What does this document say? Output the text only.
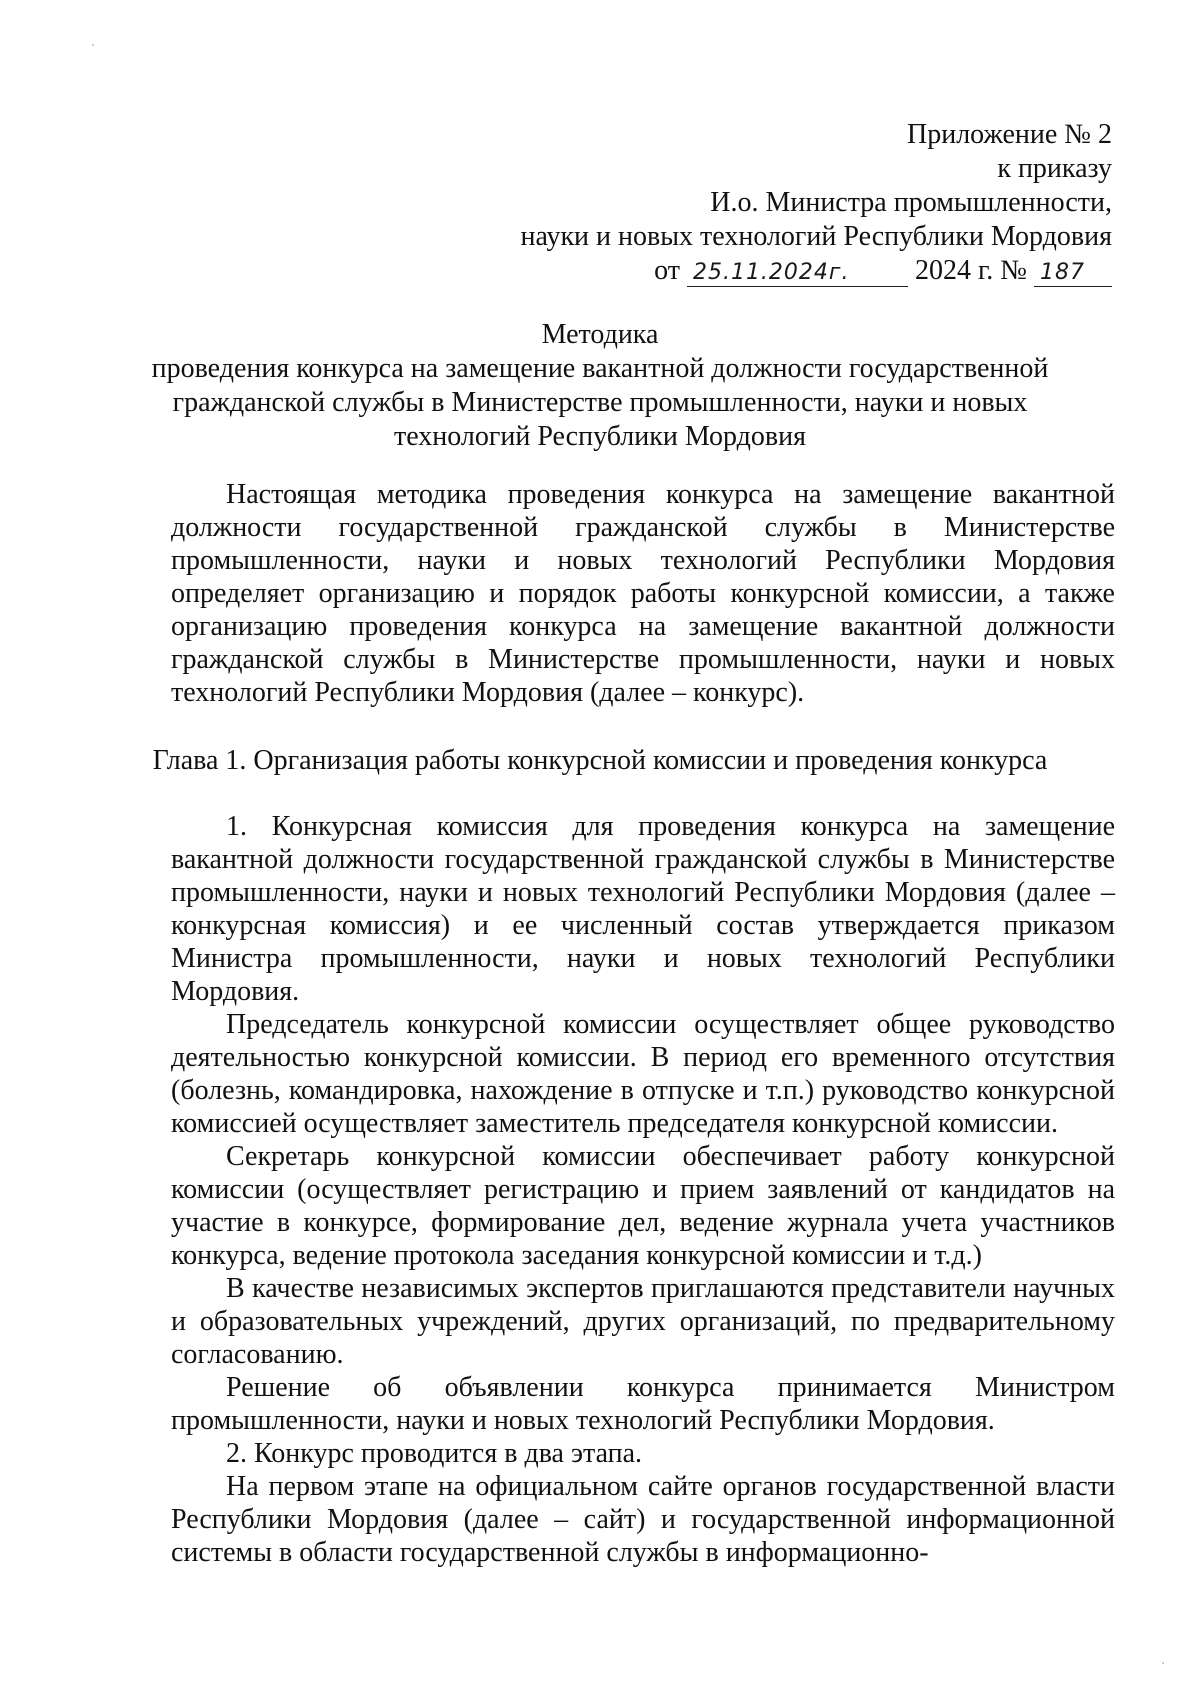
Приложение № 2
к приказу
И.о. Министра промышленности,
науки и новых технологий Республики Мордовия
от 25.11.2024г. 2024 г. № 187
Методика
проведения конкурса на замещение вакантной должности государственной
гражданской службы в Министерстве промышленности, науки и новых
технологий Республики Мордовия

Настоящая методика проведения конкурса на замещение вакантной должности государственной гражданской службы в Министерстве промышленности, науки и новых технологий Республики Мордовия определяет организацию и порядок работы конкурсной комиссии, а также организацию проведения конкурса на замещение вакантной должности гражданской службы в Министерстве промышленности, науки и новых технологий Республики Мордовия (далее – конкурс).

Глава 1. Организация работы конкурсной комиссии и проведения конкурса

1. Конкурсная комиссия для проведения конкурса на замещение вакантной должности государственной гражданской службы в Министерстве промышленности, науки и новых технологий Республики Мордовия (далее – конкурсная комиссия) и ее численный состав утверждается приказом Министра промышленности, науки и новых технологий Республики Мордовия.

Председатель конкурсной комиссии осуществляет общее руководство деятельностью конкурсной комиссии. В период его временного отсутствия (болезнь, командировка, нахождение в отпуске и т.п.) руководство конкурсной комиссией осуществляет заместитель председателя конкурсной комиссии.

Секретарь конкурсной комиссии обеспечивает работу конкурсной комиссии (осуществляет регистрацию и прием заявлений от кандидатов на участие в конкурсе, формирование дел, ведение журнала учета участников конкурса, ведение протокола заседания конкурсной комиссии и т.д.)

В качестве независимых экспертов приглашаются представители научных и образовательных учреждений, других организаций, по предварительному согласованию.

Решение об объявлении конкурса принимается Министром промышленности, науки и новых технологий Республики Мордовия.

2. Конкурс проводится в два этапа.

На первом этапе на официальном сайте органов государственной власти Республики Мордовия (далее – сайт) и государственной информационной системы в области государственной службы в информационно-
